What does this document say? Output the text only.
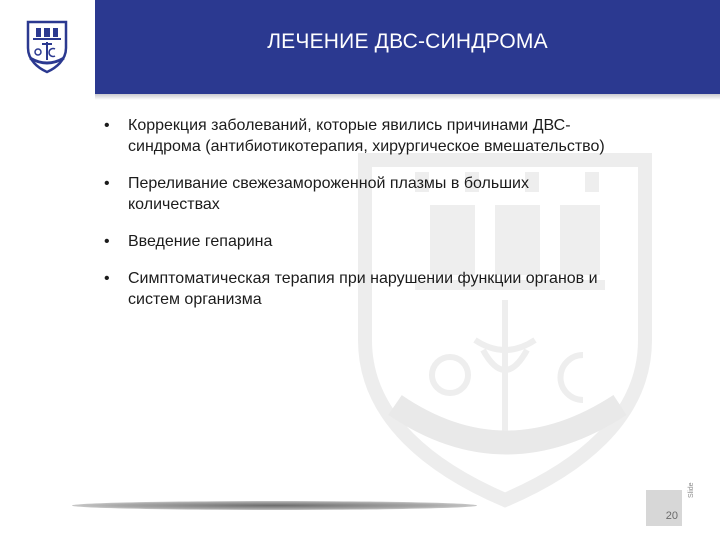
ЛЕЧЕНИЕ ДВС-СИНДРОМА
• Коррекция заболеваний, которые явились причинами ДВС-
синдрома (антибиотикотерапия, хирургическое вмешательство)
• Переливание свежезамороженной плазмы в больших
количествах
• Введение гепарина
• Симптоматическая терапия при нарушении функции органов и
систем организма
20
Slide
